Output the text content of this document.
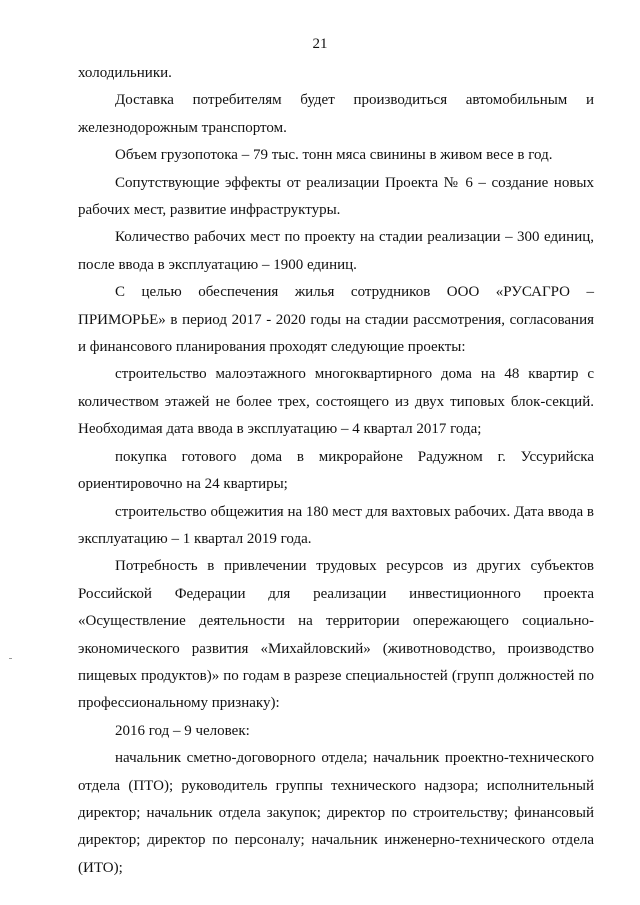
21

холодильники.

Доставка потребителям будет производиться автомобильным и железнодорожным транспортом.

Объем грузопотока – 79 тыс. тонн мяса свинины в живом весе в год.

Сопутствующие эффекты от реализации Проекта № 6 – создание новых рабочих мест, развитие инфраструктуры.

Количество рабочих мест по проекту на стадии реализации – 300 единиц, после ввода в эксплуатацию – 1900 единиц.

С целью обеспечения жилья сотрудников ООО «РУСАГРО – ПРИМОРЬЕ» в период 2017 - 2020 годы на стадии рассмотрения, согласования и финансового планирования проходят следующие проекты:

строительство малоэтажного многоквартирного дома на 48 квартир с количеством этажей не более трех, состоящего из двух типовых блок-секций. Необходимая дата ввода в эксплуатацию – 4 квартал 2017 года;

покупка готового дома в микрорайоне Радужном г. Уссурийска ориентировочно на 24 квартиры;

строительство общежития на 180 мест для вахтовых рабочих. Дата ввода в эксплуатацию – 1 квартал 2019 года.

Потребность в привлечении трудовых ресурсов из других субъектов Российской Федерации для реализации инвестиционного проекта «Осуществление деятельности на территории опережающего социально-экономического развития «Михайловский» (животноводство, производство пищевых продуктов)» по годам в разрезе специальностей (групп должностей по профессиональному признаку):

2016 год – 9 человек:

начальник сметно-договорного отдела; начальник проектно-технического отдела (ПТО); руководитель группы технического надзора; исполнительный директор; начальник отдела закупок; директор по строительству; финансовый директор; директор по персоналу; начальник инженерно-технического отдела (ИТО);
